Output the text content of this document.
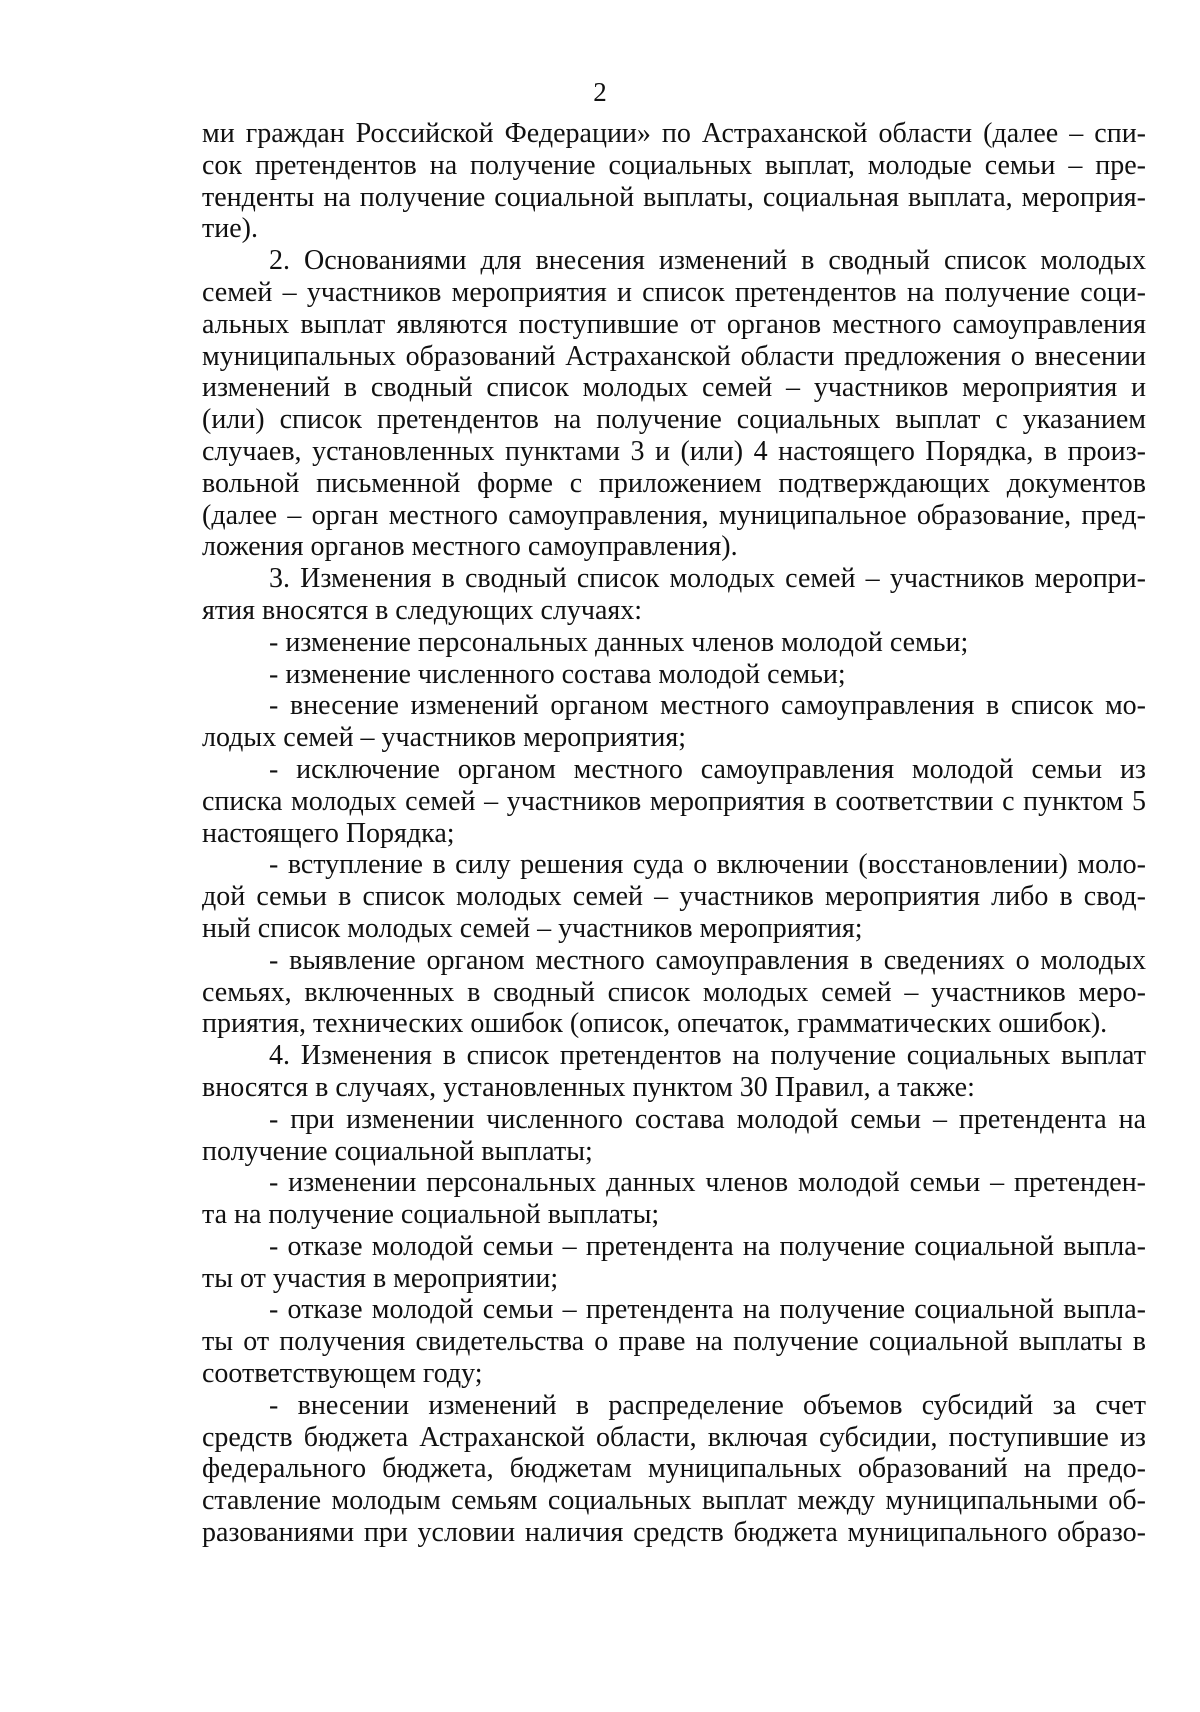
2
ми граждан Российской Федерации» по Астраханской области (далее – спи-
сок претендентов на получение социальных выплат, молодые семьи – пре-
тенденты на получение социальной выплаты, социальная выплата, мероприя-
тие).
2. Основаниями для внесения изменений в сводный список молодых
семей – участников мероприятия и список претендентов на получение соци-
альных выплат являются поступившие от органов местного самоуправления
муниципальных образований Астраханской области предложения о внесении
изменений в сводный список молодых семей – участников мероприятия и
(или) список претендентов на получение социальных выплат с указанием
случаев, установленных пунктами 3 и (или) 4 настоящего Порядка, в произ-
вольной письменной форме с приложением подтверждающих документов
(далее – орган местного самоуправления, муниципальное образование, пред-
ложения органов местного самоуправления).
3. Изменения в сводный список молодых семей – участников меропри-
ятия вносятся в следующих случаях:
- изменение персональных данных членов молодой семьи;
- изменение численного состава молодой семьи;
- внесение изменений органом местного самоуправления в список мо-
лодых семей – участников мероприятия;
- исключение органом местного самоуправления молодой семьи из
списка молодых семей – участников мероприятия в соответствии с пунктом 5
настоящего Порядка;
- вступление в силу решения суда о включении (восстановлении) моло-
дой семьи в список молодых семей – участников мероприятия либо в свод-
ный список молодых семей – участников мероприятия;
- выявление органом местного самоуправления в сведениях о молодых
семьях, включенных в сводный список молодых семей – участников меро-
приятия, технических ошибок (описок, опечаток, грамматических ошибок).
4. Изменения в список претендентов на получение социальных выплат
вносятся в случаях, установленных пунктом 30 Правил, а также:
- при изменении численного состава молодой семьи – претендента на
получение социальной выплаты;
- изменении персональных данных членов молодой семьи – претенден-
та на получение социальной выплаты;
- отказе молодой семьи – претендента на получение социальной выпла-
ты от участия в мероприятии;
- отказе молодой семьи – претендента на получение социальной выпла-
ты от получения свидетельства о праве на получение социальной выплаты в
соответствующем году;
- внесении изменений в распределение объемов субсидий за счет
средств бюджета Астраханской области, включая субсидии, поступившие из
федерального бюджета, бюджетам муниципальных образований на предо-
ставление молодым семьям социальных выплат между муниципальными об-
разованиями при условии наличия средств бюджета муниципального образо-
